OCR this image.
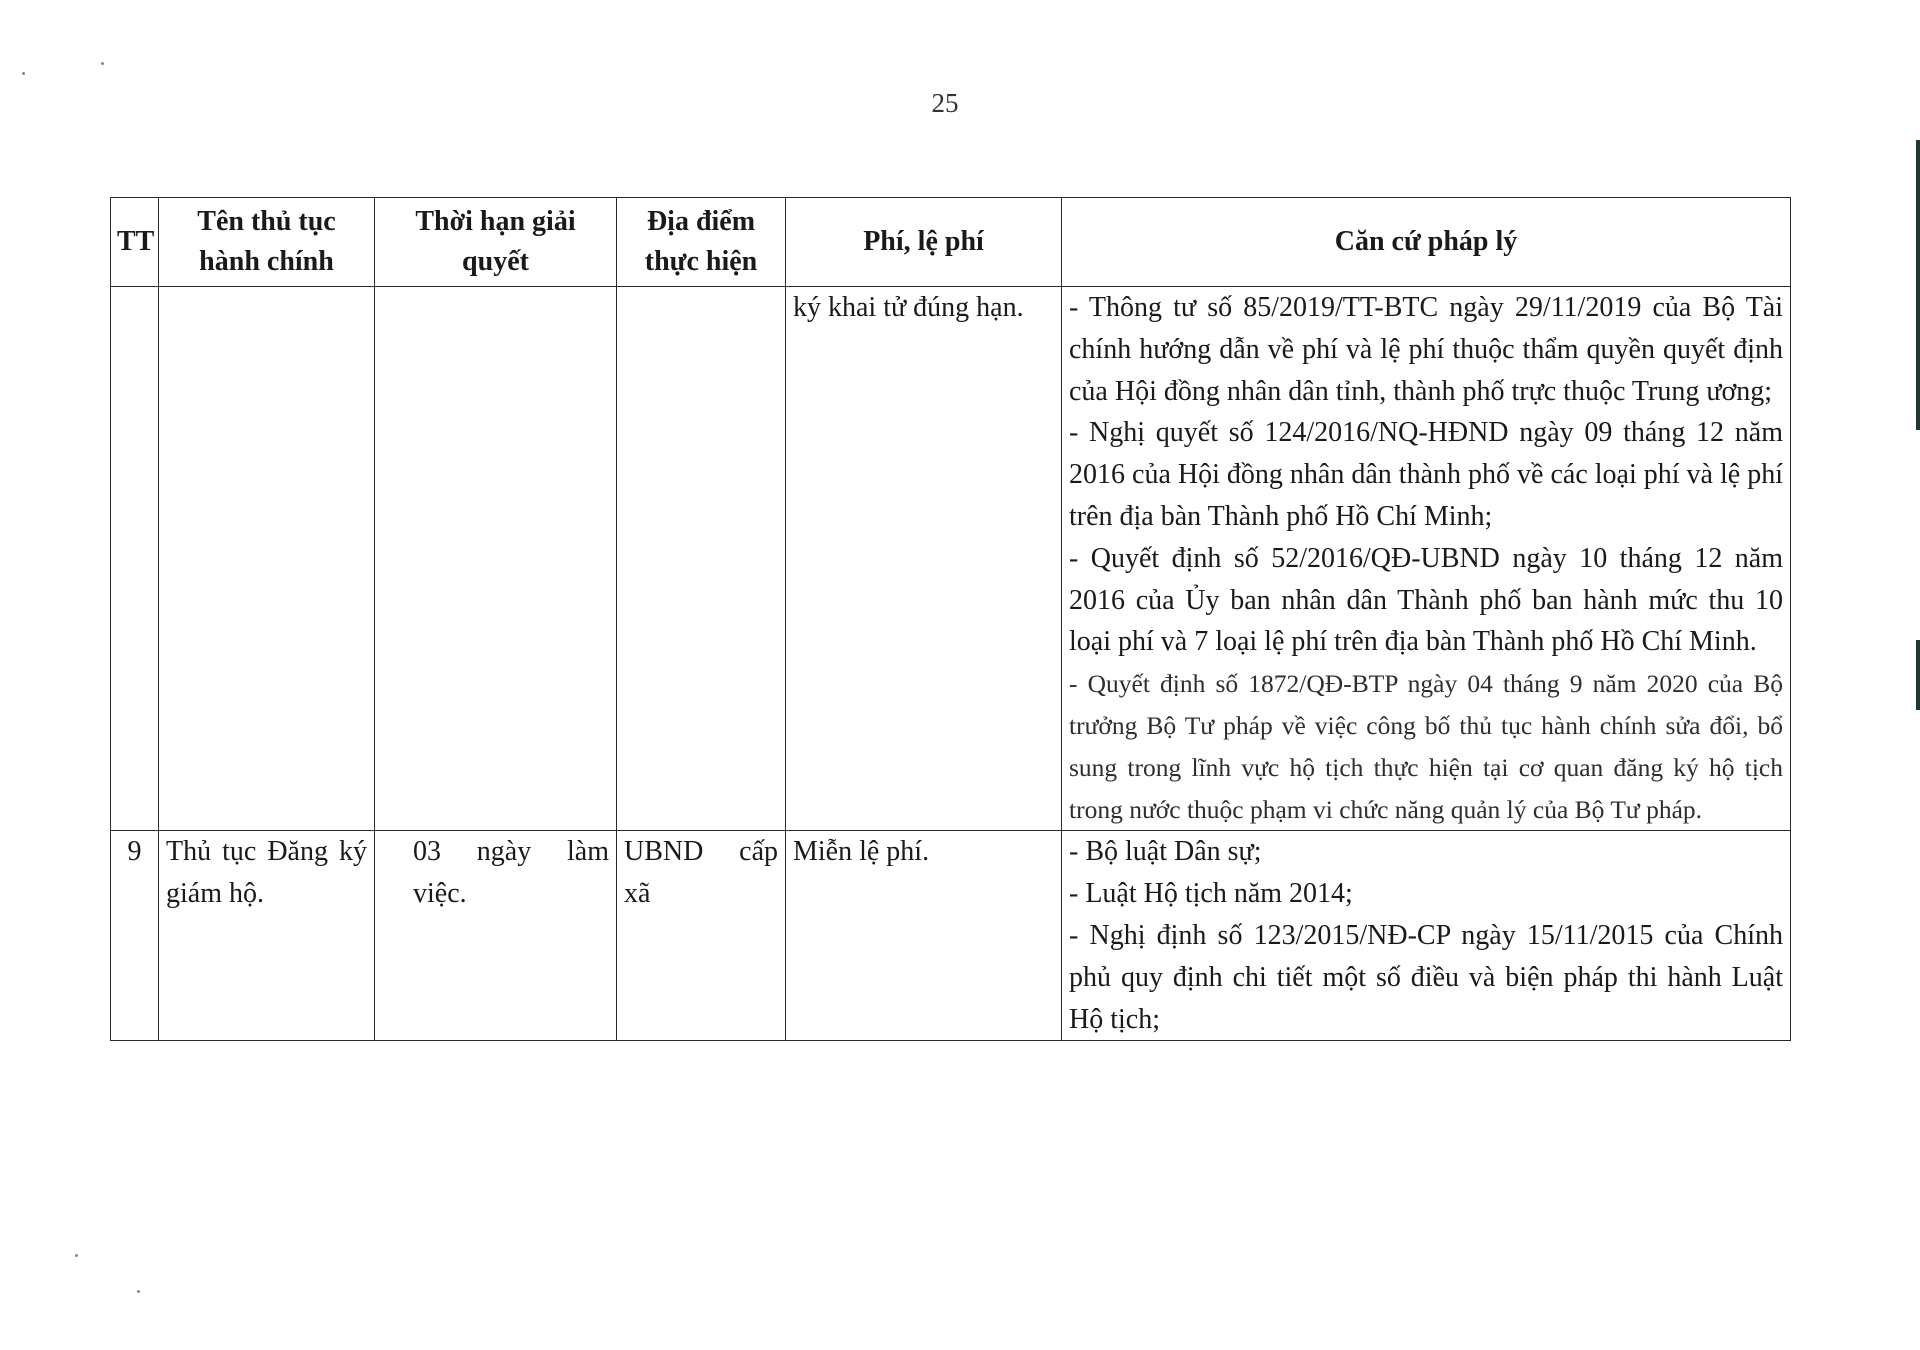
25
TT	Tên thủ tục hành chính	Thời hạn giải quyết	Địa điểm thực hiện	Phí, lệ phí	Căn cứ pháp lý
				ký khai tử đúng hạn.	- Thông tư số 85/2019/TT-BTC ngày 29/11/2019 của Bộ Tài chính hướng dẫn về phí và lệ phí thuộc thẩm quyền quyết định của Hội đồng nhân dân tỉnh, thành phố trực thuộc Trung ương;
- Nghị quyết số 124/2016/NQ-HĐND ngày 09 tháng 12 năm 2016 của Hội đồng nhân dân thành phố về các loại phí và lệ phí trên địa bàn Thành phố Hồ Chí Minh;
- Quyết định số 52/2016/QĐ-UBND ngày 10 tháng 12 năm 2016 của Ủy ban nhân dân Thành phố ban hành mức thu 10 loại phí và 7 loại lệ phí trên địa bàn Thành phố Hồ Chí Minh.
- Quyết định số 1872/QĐ-BTP ngày 04 tháng 9 năm 2020 của Bộ trưởng Bộ Tư pháp về việc công bố thủ tục hành chính sửa đổi, bổ sung trong lĩnh vực hộ tịch thực hiện tại cơ quan đăng ký hộ tịch trong nước thuộc phạm vi chức năng quản lý của Bộ Tư pháp.

9	Thủ tục Đăng ký giám hộ.	03 ngày làm việc.	UBND cấp xã	Miễn lệ phí.	- Bộ luật Dân sự;
- Luật Hộ tịch năm 2014;
- Nghị định số 123/2015/NĐ-CP ngày 15/11/2015 của Chính phủ quy định chi tiết một số điều và biện pháp thi hành Luật Hộ tịch;
